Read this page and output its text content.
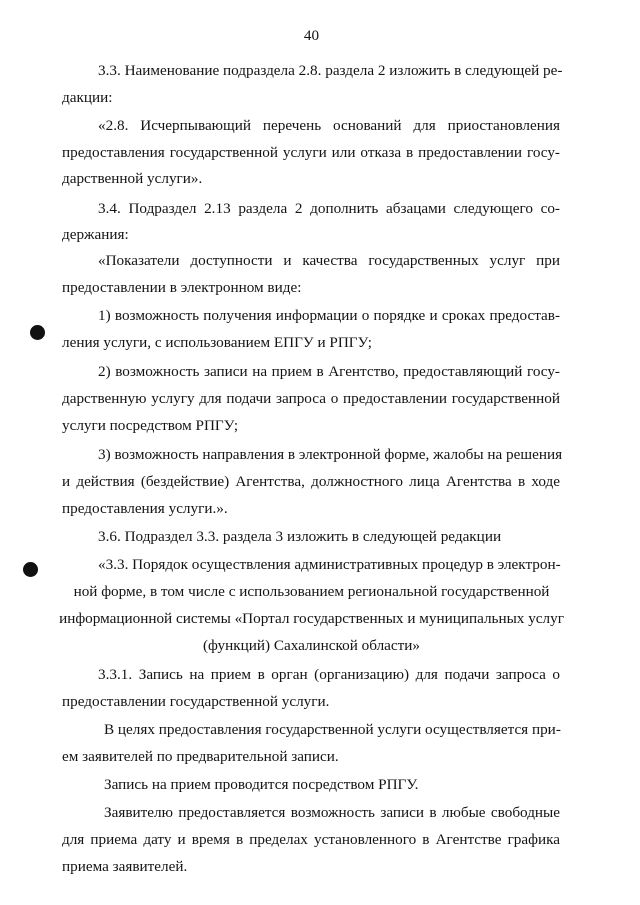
40
3.3. Наименование подраздела 2.8. раздела 2 изложить в следующей ре-
дакции:
«2.8. Исчерпывающий перечень оснований для приостановления
предоставления государственной услуги или отказа в предоставлении госу-
дарственной услуги».
3.4. Подраздел 2.13 раздела 2 дополнить абзацами следующего со-
держания:
«Показатели доступности и качества государственных услуг при
предоставлении в электронном виде:
1) возможность получения информации о порядке и сроках предостав-
ления услуги, с использованием ЕПГУ и РПГУ;
2) возможность записи на прием в Агентство, предоставляющий госу-
дарственную услугу для подачи запроса о предоставлении государственной
услуги посредством РПГУ;
3) возможность направления в электронной форме, жалобы на решения
и действия (бездействие) Агентства, должностного лица Агентства в ходе
предоставления услуги.».
3.6. Подраздел 3.3. раздела 3 изложить в следующей редакции
«3.3. Порядок осуществления административных процедур в электрон-
ной форме, в том числе с использованием региональной государственной
информационной системы «Портал государственных и муниципальных услуг
(функций) Сахалинской области»
3.3.1. Запись на прием в орган (организацию) для подачи запроса о
предоставлении государственной услуги.
В целях предоставления государственной услуги осуществляется при-
ем заявителей по предварительной записи.
Запись на прием проводится посредством РПГУ.
Заявителю предоставляется возможность записи в любые свободные
для приема дату и время в пределах установленного в Агентстве графика
приема заявителей.
